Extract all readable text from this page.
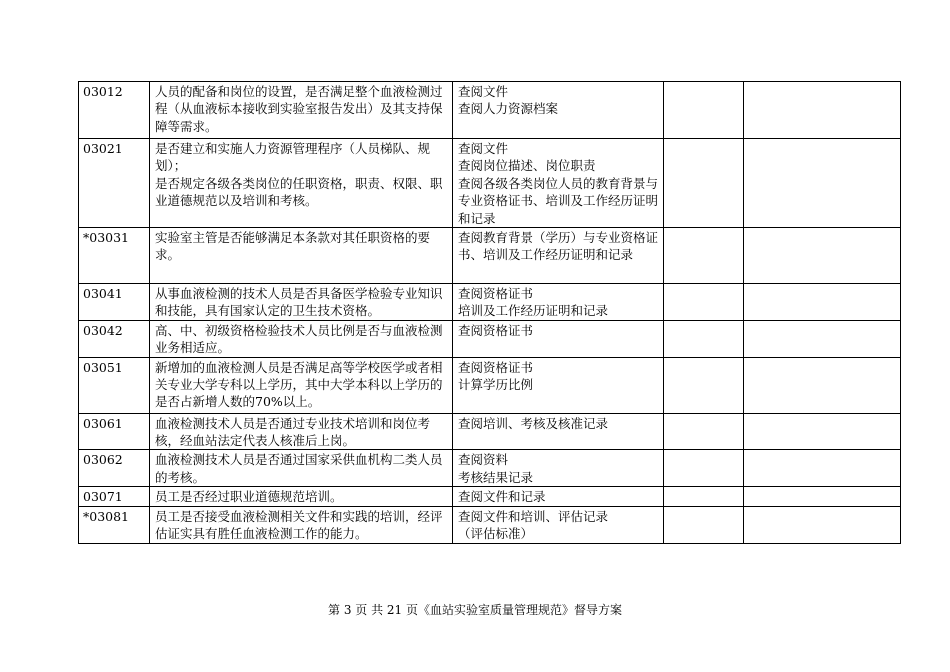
03012	人员的配备和岗位的设置，是否满足整个血液检测过程（从血液标本接收到实验室报告发出）及其支持保障等需求。	查阅文件
查阅人力资源档案		
03021	是否建立和实施人力资源管理程序（人员梯队、规划）；
是否规定各级各类岗位的任职资格，职责、权限、职业道德规范以及培训和考核。	查阅文件
查阅岗位描述、岗位职责
查阅各级各类岗位人员的教育背景与专业资格证书、培训及工作经历证明和记录		
*03031	实验室主管是否能够满足本条款对其任职资格的要求。	查阅教育背景（学历）与专业资格证书、培训及工作经历证明和记录		
03041	从事血液检测的技术人员是否具备医学检验专业知识和技能，具有国家认定的卫生技术资格。	查阅资格证书
培训及工作经历证明和记录		
03042	高、中、初级资格检验技术人员比例是否与血液检测业务相适应。	查阅资格证书		
03051	新增加的血液检测人员是否满足高等学校医学或者相关专业大学专科以上学历，其中大学本科以上学历的是否占新增人数的70%以上。	查阅资格证书
计算学历比例		
03061	血液检测技术人员是否通过专业技术培训和岗位考核，经血站法定代表人核准后上岗。	查阅培训、考核及核准记录		
03062	血液检测技术人员是否通过国家采供血机构二类人员的考核。	查阅资料
考核结果记录		
03071	员工是否经过职业道德规范培训。	查阅文件和记录		
*03081	员工是否接受血液检测相关文件和实践的培训，经评估证实具有胜任血液检测工作的能力。	查阅文件和培训、评估记录
（评估标准）		
第 3 页 共 21 页《血站实验室质量管理规范》督导方案
